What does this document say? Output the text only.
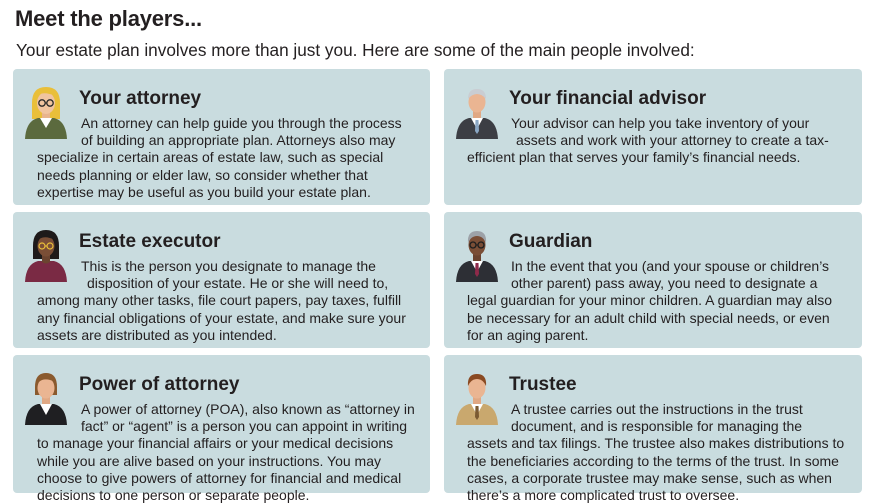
Meet the players...
Your estate plan involves more than just you. Here are some of the main people involved:
Your attorney
An attorney can help guide you through the process
of building an appropriate plan. Attorneys also may
specialize in certain areas of estate law, such as special
needs planning or elder law, so consider whether that
expertise may be useful as you build your estate plan.
Your financial advisor
Your advisor can help you take inventory of your
assets and work with your attorney to create a tax-
efficient plan that serves your family’s financial needs.
Estate executor
This is the person you designate to manage the
disposition of your estate. He or she will need to,
among many other tasks, file court papers, pay taxes, fulfill
any financial obligations of your estate, and make sure your
assets are distributed as you intended.
Guardian
In the event that you (and your spouse or children’s
other parent) pass away, you need to designate a
legal guardian for your minor children. A guardian may also
be necessary for an adult child with special needs, or even
for an aging parent.
Power of attorney
A power of attorney (POA), also known as “attorney in
fact” or “agent” is a person you can appoint in writing
to manage your financial affairs or your medical decisions
while you are alive based on your instructions. You may
choose to give powers of attorney for financial and medical
decisions to one person or separate people.
Trustee
A trustee carries out the instructions in the trust
document, and is responsible for managing the
assets and tax filings. The trustee also makes distributions to
the beneficiaries according to the terms of the trust. In some
cases, a corporate trustee may make sense, such as when
there’s a more complicated trust to oversee.
